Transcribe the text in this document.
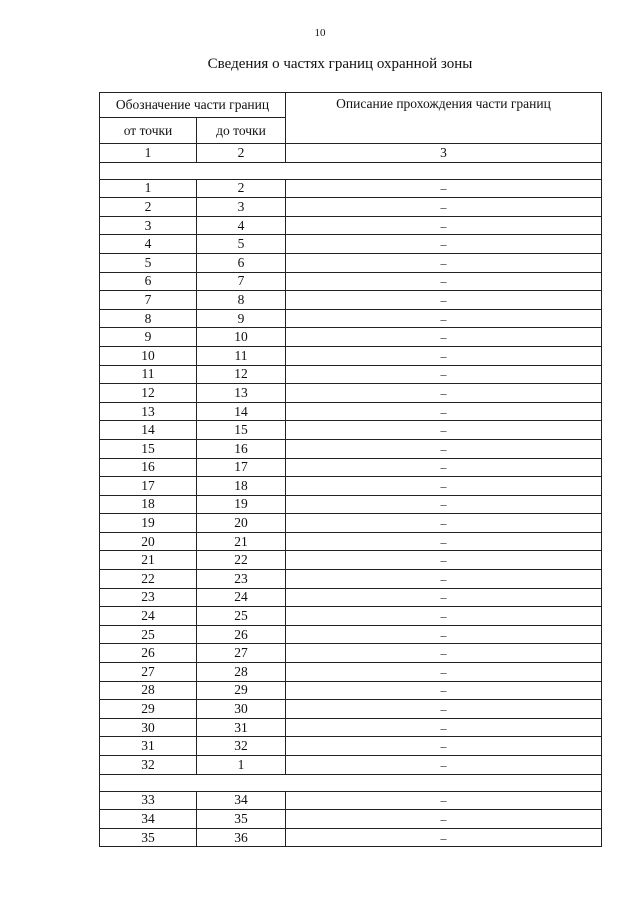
10
Сведения о частях границ охранной зоны
Обозначение части границ		Описание прохождения части границ
от точки	до точки	
1	2	3

1	2	–
2	3	–
3	4	–
4	5	–
5	6	–
6	7	–
7	8	–
8	9	–
9	10	–
10	11	–
11	12	–
12	13	–
13	14	–
14	15	–
15	16	–
16	17	–
17	18	–
18	19	–
19	20	–
20	21	–
21	22	–
22	23	–
23	24	–
24	25	–
25	26	–
26	27	–
27	28	–
28	29	–
29	30	–
30	31	–
31	32	–
32	1	–

33	34	–
34	35	–
35	36	–
